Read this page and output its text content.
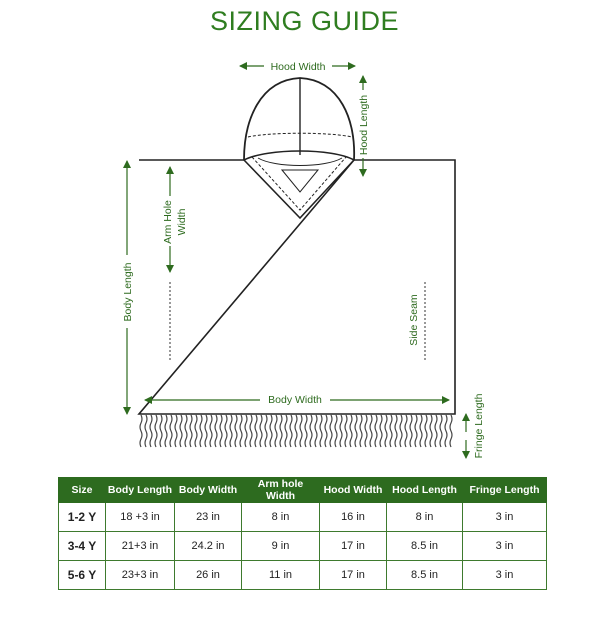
SIZING GUIDE
Hood Width
Hood Length
Arm Hole Width
Body Length
Body Width
Side Seam
Fringe Length
Size	Body Length	Body Width	Arm hole Width	Hood Width	Hood Length	Fringe Length
1-2 Y	18 +3 in	23 in	8 in	16 in	8 in	3 in
3-4 Y	21+3 in	24.2 in	9 in	17 in	8.5 in	3 in
5-6 Y	23+3 in	26 in	11 in	17 in	8.5 in	3 in
